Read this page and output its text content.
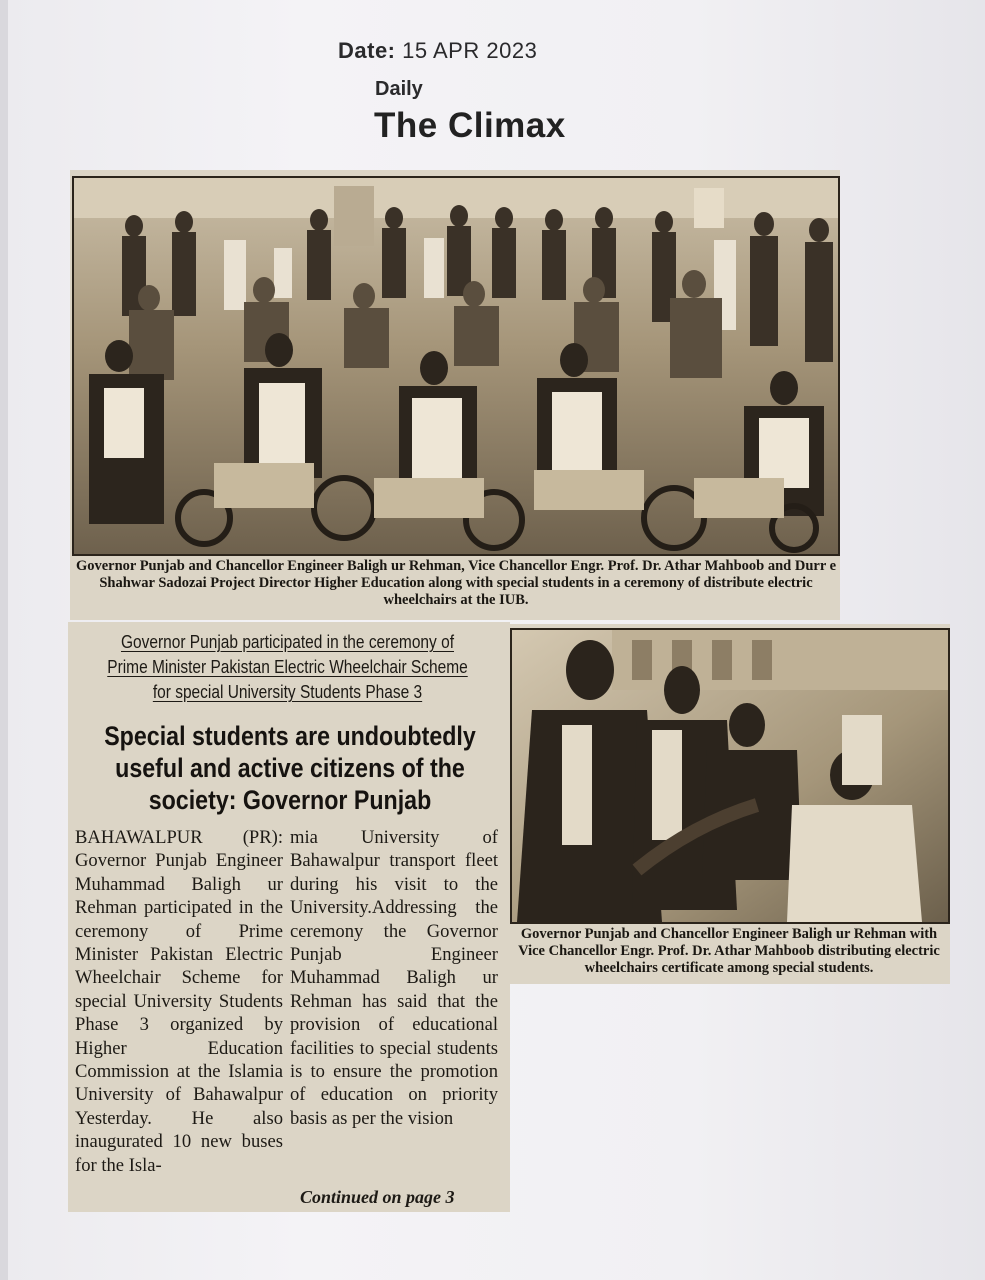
Date: 15 APR 2023
Daily
The Climax
Governor Punjab and Chancellor Engineer Baligh ur Rehman, Vice Chancellor Engr. Prof. Dr. Athar Mahboob and Durr e Shahwar Sadozai Project Director Higher Education along with special students in a ceremony of distribute electric wheelchairs at the IUB.
Governor Punjab participated in the ceremony of Prime Minister Pakistan Electric Wheelchair Scheme for special University Students Phase 3
Special students are undoubtedly useful and active citizens of the society: Governor Punjab

BAHAWALPUR (PR): Governor Punjab Engineer Muhammad Baligh ur Rehman participated in the ceremony of Prime Minister Pakistan Electric Wheelchair Scheme for special University Students Phase 3 organized by Higher Education Commission at the Islamia University of Bahawalpur Yesterday. He also inaugurated 10 new buses for the Isla-

mia University of Bahawalpur transport fleet during his visit to the University.Addressing the ceremony the Governor Punjab Engineer Muhammad Baligh ur Rehman has said that the provision of educational facilities to special students is to ensure the promotion of education on priority basis as per the vision

Continued on page 3
Governor Punjab and Chancellor Engineer Baligh ur Rehman with Vice Chancellor Engr. Prof. Dr. Athar Mahboob distributing electric wheelchairs certificate among special students.
